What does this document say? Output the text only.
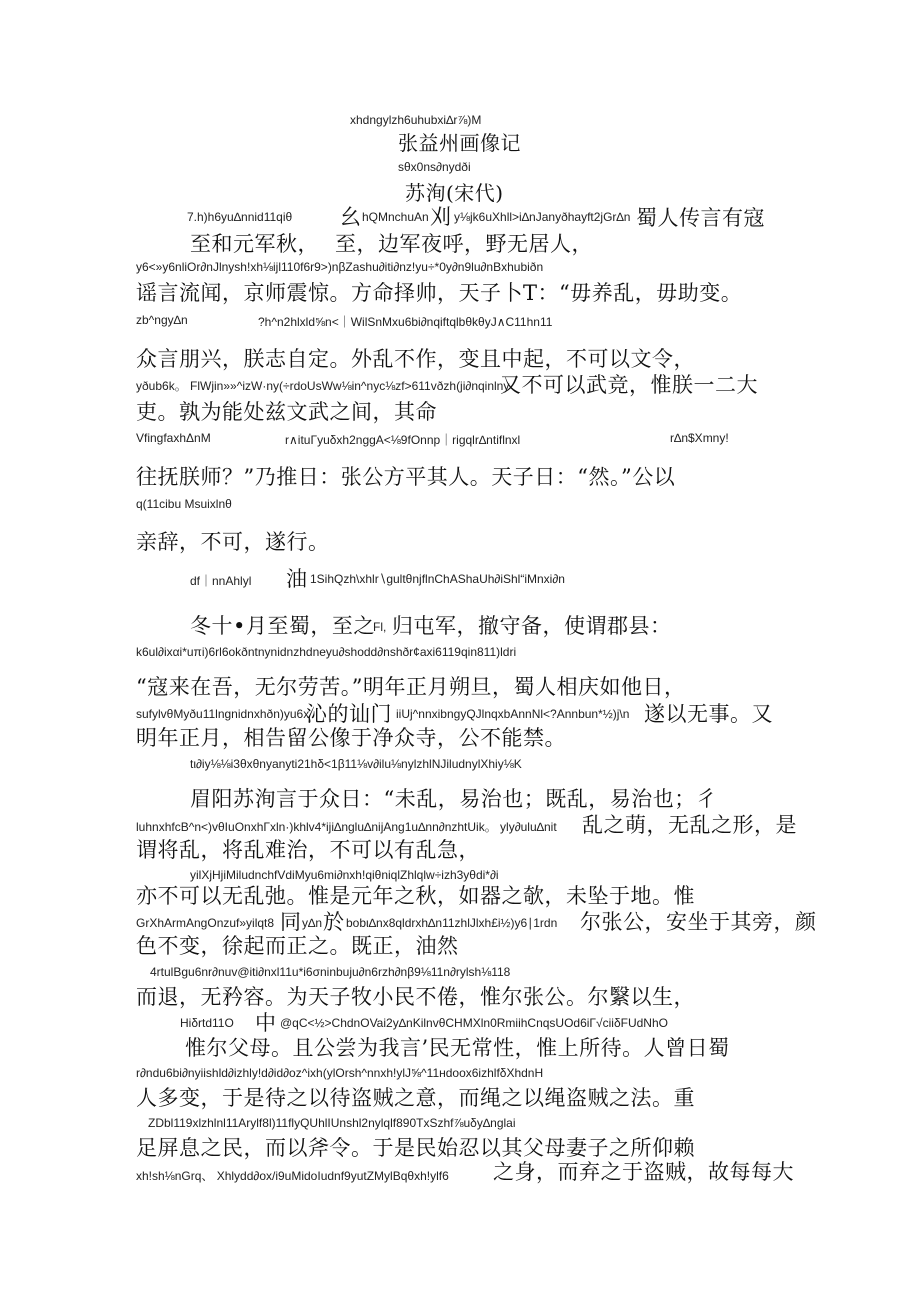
xhdngylzh6uhubxi∆r⅞)M
张益州画像记
sθx0ns∂nydði
苏洵(宋代)
7.h)h6yu∆nnid11qiθ 幺 hQMnchuAn 刈 y⅛jk6uXhll>i∆nJanyðhayft2jGr∆n 蜀人传言有寇
至和元军秋， 至，边军夜呼，野无居人，
y6<»y6nliOr∂nJlnysh!xh⅛ijl110f6r9>)nβZashu∂iti∂nz!yu÷*0y∂n9lu∂nBxhubiðn
谣言流闻，京师震惊。方命择帅，天子卜T：“毋养乱，毋助变。
zb^ngy∆n	?h^n2hlxld⅝n<｜WilSnMxu6bi∂nqiftqlbθkθyJ∧C11hn11
众言朋兴，朕志自定。外乱不作，变且中起，不可以文令，
yðub6k。 FlWjin»»^izW·ny(÷rdoUsWw⅛in^nyc⅛zf>611vðzh(ji∂nqinlny
又不可以武竞，惟朕一二大
吏。孰为能处兹文武之间，其命
VfingfaxhΔnM	r∧ituΓyuδxh2nggA<⅛9fOnnp｜rigqlr∆ntiflnxl	r∆n$Xmny!
往抚朕师？”乃推日：张公方平其人。天子日：“然。”公以
q(11cibu Msuixlnθ
亲辞，不可，遂行。
df｜nnAhlyl 油 1SihQzh\xhlr∖gultθnjflnChAShaUh∂iShl“iMnxi∂n
冬十•月至蜀，至之
Fl, 归屯军，撤守备，使谓郡县：
k6ul∂ixαi*uπi)6rl6okðntnynidnzhdneyu∂shodd∂nshðr¢axi6119qin811)ldri
“寇来在吾，无尔劳苦。”明年正月朔旦，蜀人相庆如他日，
sufylvθMyðu11lngnidnxhðn)yu6x
沁的讪门 iiUj^nnxibngyQJlnqxbAnnNl<?Annbun*½)j\n 遂以无事。又
明年正月，相告留公像于净众寺，公不能禁。
tι∂iy⅛⅛i3θxθnyanyti21hδ<1β11⅛v∂ilu⅛nylzhlNJiludnylXhiy⅛K
眉阳苏洵言于众日：“未乱，易治也；既乱，易治也；彳
luhnxhfcB^n<)vθIuOnxhΓxln·)khlv4*iji∆nglu∆nijAng1u∆nn∂nzhtUik。 yly∂ulu∆nit 乱之萌，无乱之形，是
谓将乱，将乱难治，不可以有乱急，
yilXjHjiMiludnchfVdiMyu6mi∂nxh!qiθniqlZhlqlw÷izh3yθdi*∂i
亦不可以无乱弛。惟是元年之秋，如器之欹，未坠于地。惟
GrXhArmAngOnzuf»yilqt8 同 y∆n 於 bobι∆nx8qldrxh∆n11zhlJlxh£i½)y6∣1rdn 尔张公，安坐于其旁，颜
色不变，徐起而正之。既正，油然
4rtulBgu6nr∂nuv@iti∂nxl11u*i6σninbuju∂n6rzh∂nβ9⅛11n∂rylsh⅛118
而退，无矜容。为天子牧小民不倦，惟尔张公。尔繄以生，
Hiδrtd11O 中 @qC<½>ChdnOVai2y∆nKilnvθCHMXln0RmiihCnqsUOd6iΓ√ciiδFUdNhO
惟尔父母。且公尝为我言’民无常性，惟上所待。人曾日蜀
r∂ndu6bi∂nyiishld∂izhly!d∂id∂oz^ixh(ylOrsh^nnxh!ylJ⅝^11ʜdoox6izhlfδXhdnH
人多变，于是待之以待盗贼之意，而绳之以绳盗贼之法。重
ZDbl119xlzhlnl11Arylf8l)11flyQUhlIUnshl2nylqlf890TxSzhf⅞uδy∆nglai
足屏息之民，而以斧令。于是民始忍以其父母妻子之所仰赖
xh!sh⅛nGrq、 Xhlydd∂ox/i9uMidoIudnf9yutZMylBqθxh!ylf6 之身，而弃之于盗贼，故每每大
